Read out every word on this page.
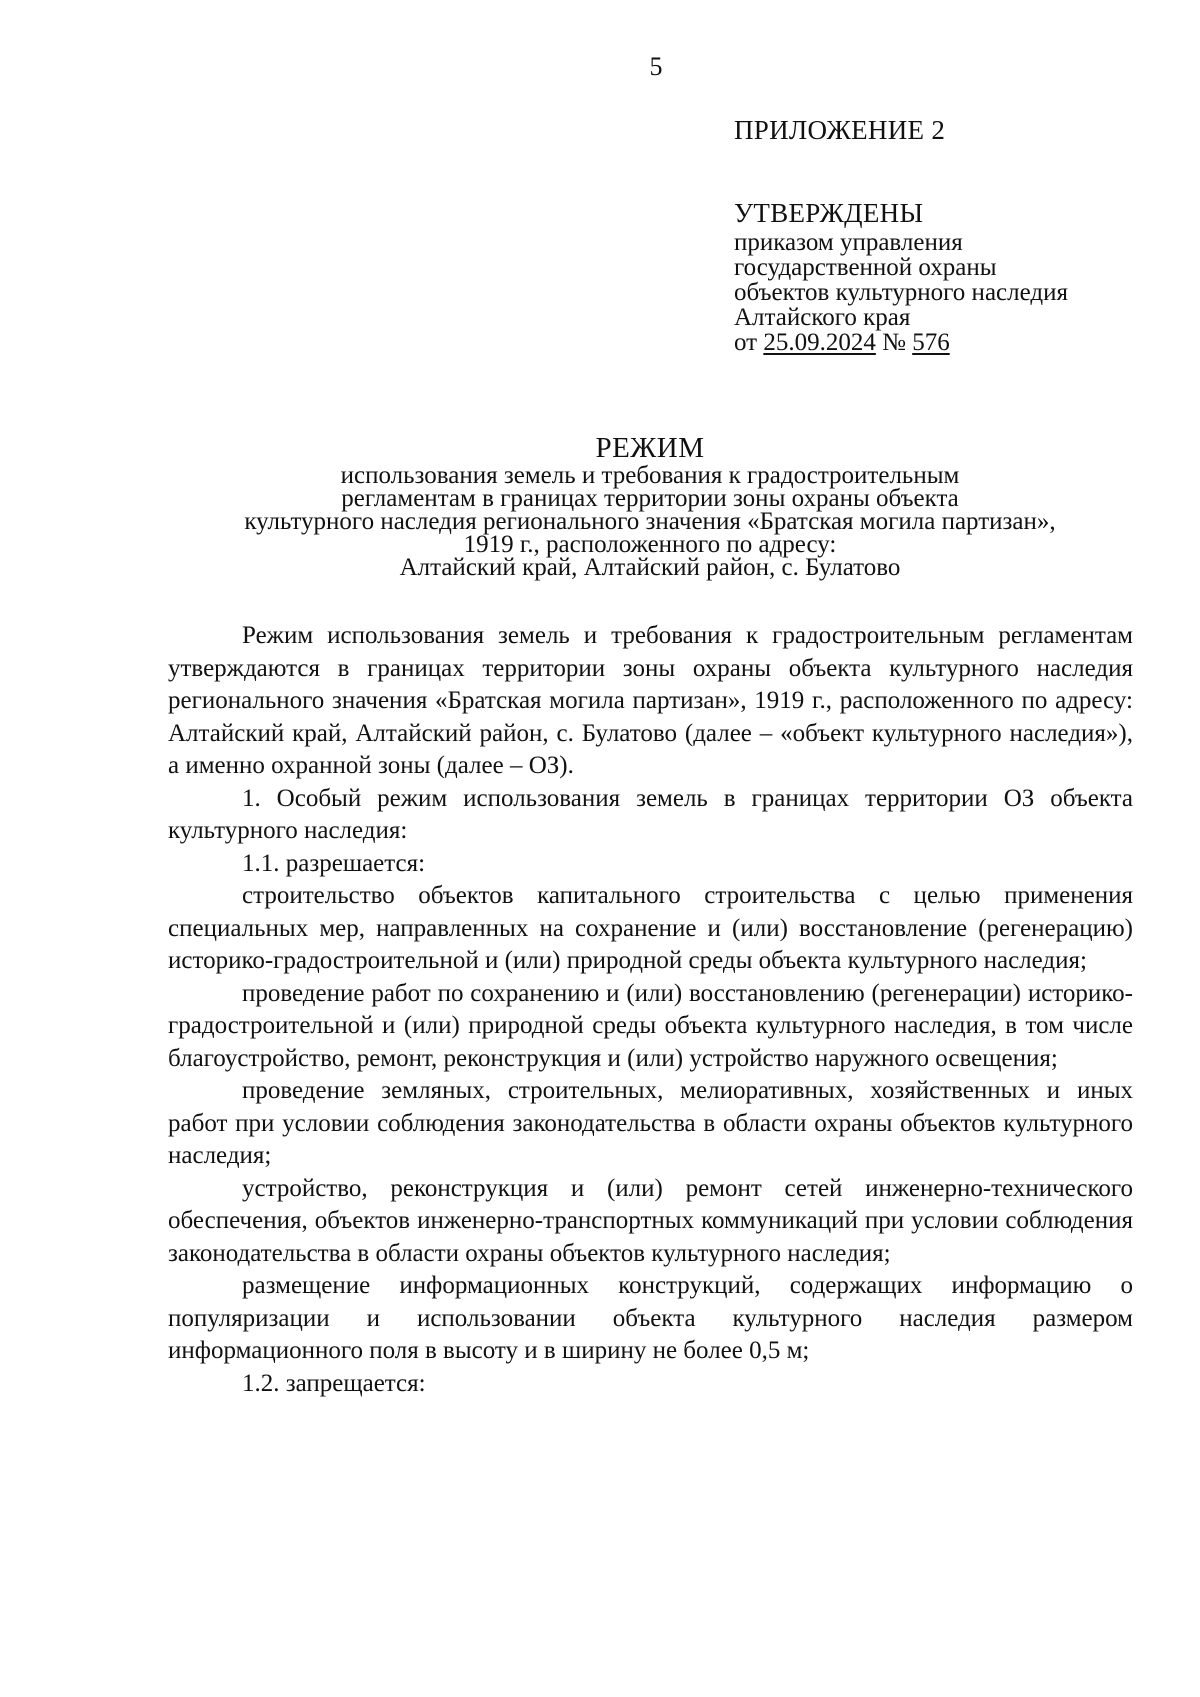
5
ПРИЛОЖЕНИЕ 2
УТВЕРЖДЕНЫ
приказом управления
государственной охраны
объектов культурного наследия
Алтайского края
от 25.09.2024 № 576
РЕЖИМ
использования земель и требования к градостроительным
регламентам в границах территории зоны охраны объекта
культурного наследия регионального значения «Братская могила партизан»,
1919 г., расположенного по адресу:
Алтайский край, Алтайский район, с. Булатово

Режим использования земель и требования к градостроительным регламентам утверждаются в границах территории зоны охраны объекта культурного наследия регионального значения «Братская могила партизан», 1919 г., расположенного по адресу: Алтайский край, Алтайский район, с. Булатово (далее – «объект культурного наследия»), а именно охранной зоны (далее – ОЗ).

1. Особый режим использования земель в границах территории ОЗ объекта культурного наследия:

1.1. разрешается:

строительство объектов капитального строительства с целью применения специальных мер, направленных на сохранение и (или) восстановление (регенерацию) историко-градостроительной и (или) природной среды объекта культурного наследия;

проведение работ по сохранению и (или) восстановлению (регенерации) историко-градостроительной и (или) природной среды объекта культурного наследия, в том числе благоустройство, ремонт, реконструкция и (или) устройство наружного освещения;

проведение земляных, строительных, мелиоративных, хозяйственных и иных работ при условии соблюдения законодательства в области охраны объектов культурного наследия;

устройство, реконструкция и (или) ремонт сетей инженерно-технического обеспечения, объектов инженерно-транспортных коммуникаций при условии соблюдения законодательства в области охраны объектов культурного наследия;

размещение информационных конструкций, содержащих информацию о популяризации и использовании объекта культурного наследия размером информационного поля в высоту и в ширину не более 0,5 м;

1.2. запрещается:
